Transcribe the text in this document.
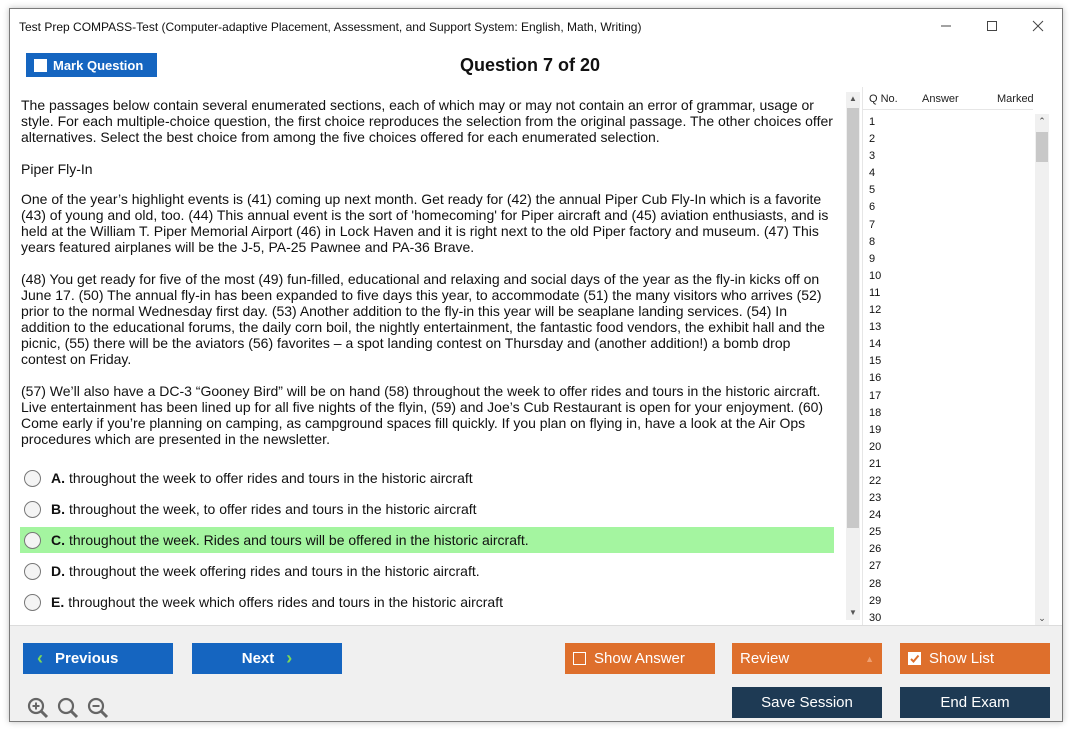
Test Prep COMPASS-Test (Computer-adaptive Placement, Assessment, and Support System: English, Math, Writing)
Mark Question	Question 7 of 20

The passages below contain several enumerated sections, each of which may or may not contain an error of grammar, usage or style. For each multiple-choice question, the first choice reproduces the selection from the original passage. The other choices offer alternatives. Select the best choice from among the five choices offered for each enumerated selection.

Piper Fly-In

One of the year’s highlight events is (41) coming up next month. Get ready for (42) the annual Piper Cub Fly-In which is a favorite (43) of young and old, too. (44) This annual event is the sort of 'homecoming' for Piper aircraft and (45) aviation enthusiasts, and is held at the William T. Piper Memorial Airport (46) in Lock Haven and it is right next to the old Piper factory and museum. (47) This years featured airplanes will be the J-5, PA-25 Pawnee and PA-36 Brave.

(48) You get ready for five of the most (49) fun-filled, educational and relaxing and social days of the year as the fly-in kicks off on June 17. (50) The annual fly-in has been expanded to five days this year, to accommodate (51) the many visitors who arrives (52) prior to the normal Wednesday first day. (53) Another addition to the fly-in this year will be seaplane landing services. (54) In addition to the educational forums, the daily corn boil, the nightly entertainment, the fantastic food vendors, the exhibit hall and the picnic, (55) there will be the aviators (56) favorites – a spot landing contest on Thursday and (another addition!) a bomb drop contest on Friday.

(57) We’ll also have a DC-3 “Gooney Bird” will be on hand (58) throughout the week to offer rides and tours in the historic aircraft. Live entertainment has been lined up for all five nights of the flyin, (59) and Joe’s Cub Restaurant is open for your enjoyment. (60) Come early if you’re planning on camping, as campground spaces fill quickly. If you plan on flying in, have a look at the Air Ops procedures which are presented in the newsletter.

A. throughout the week to offer rides and tours in the historic aircraft
B. throughout the week, to offer rides and tours in the historic aircraft
C. throughout the week. Rides and tours will be offered in the historic aircraft.
D. throughout the week offering rides and tours in the historic aircraft.
E. throughout the week which offers rides and tours in the historic aircraft
▲
▼
Q No. Answer	Marked
1
2
3
4
5
6
7
8
9
10
11
12
13
14
15
16
17
18
19
20
21
22
23
24
25
26
27
28
29
30
⌃
⌄
‹ Previous	Next ›	Show Answer	Review	▲	Show List
Save Session	End Exam
